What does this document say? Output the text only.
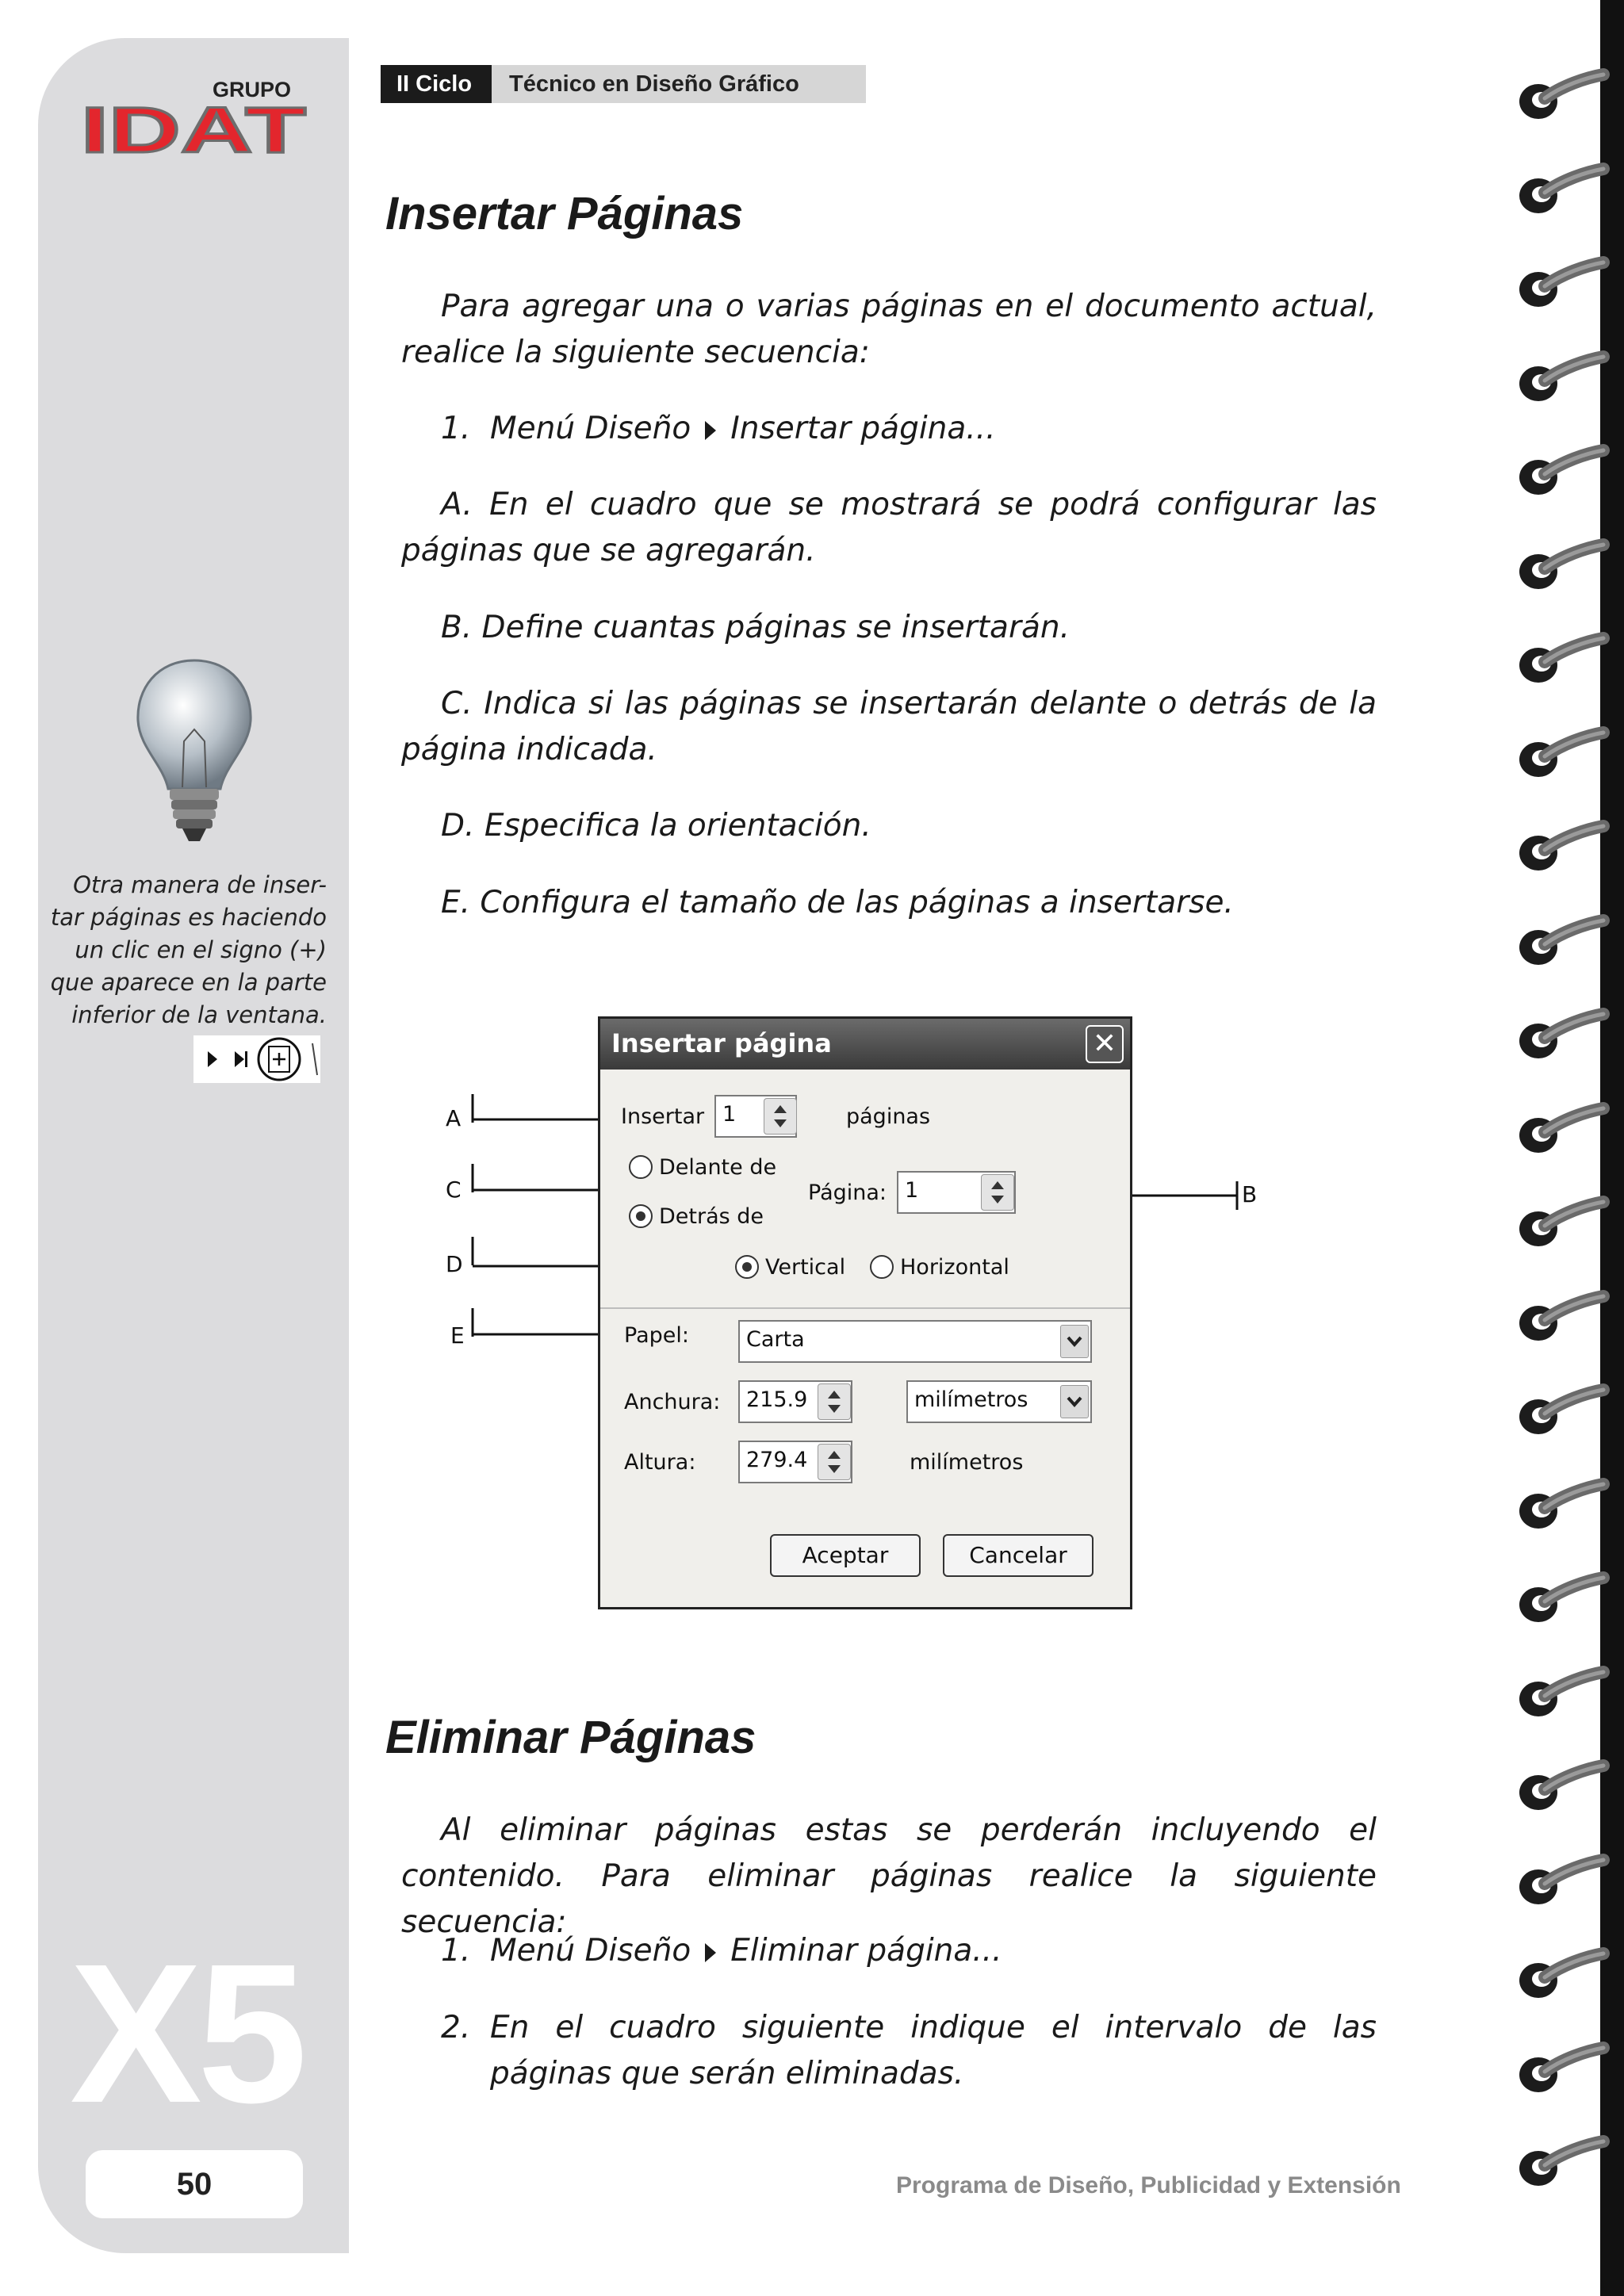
GRUPO
IDAT
Otra manera de inser-
tar páginas es haciendo
un clic en el signo (+)
que aparece en la parte
inferior de la ventana.
X5
50
II Ciclo	Técnico en Diseño Gráfico
Insertar Páginas
Para agregar una o varias páginas en el documento actual, realice la siguiente secuencia:
1. Menú Diseño Insertar página...
A. En el cuadro que se mostrará se podrá configurar las páginas que se agregarán.
B. Define cuantas páginas se insertarán.
C. Indica si las páginas se insertarán delante o detrás de la página indicada.
D. Especifica la orientación.
E. Configura el tamaño de las páginas a insertarse.
A
C
D
E
B
Insertar página	✕
Insertar 1	páginas
Delante de
Detrás de
Página: 1
Vertical	Horizontal
Papel:	Carta
Anchura:	215.9	milímetros
Altura:	279.4	milímetros
Aceptar	Cancelar
Eliminar Páginas
Al eliminar páginas estas se perderán incluyendo el contenido. Para eliminar páginas realice la siguiente secuencia:
1. Menú Diseño Eliminar página...
2. En el cuadro siguiente indique el intervalo de las páginas que serán eliminadas.
Programa de Diseño, Publicidad y Extensión
